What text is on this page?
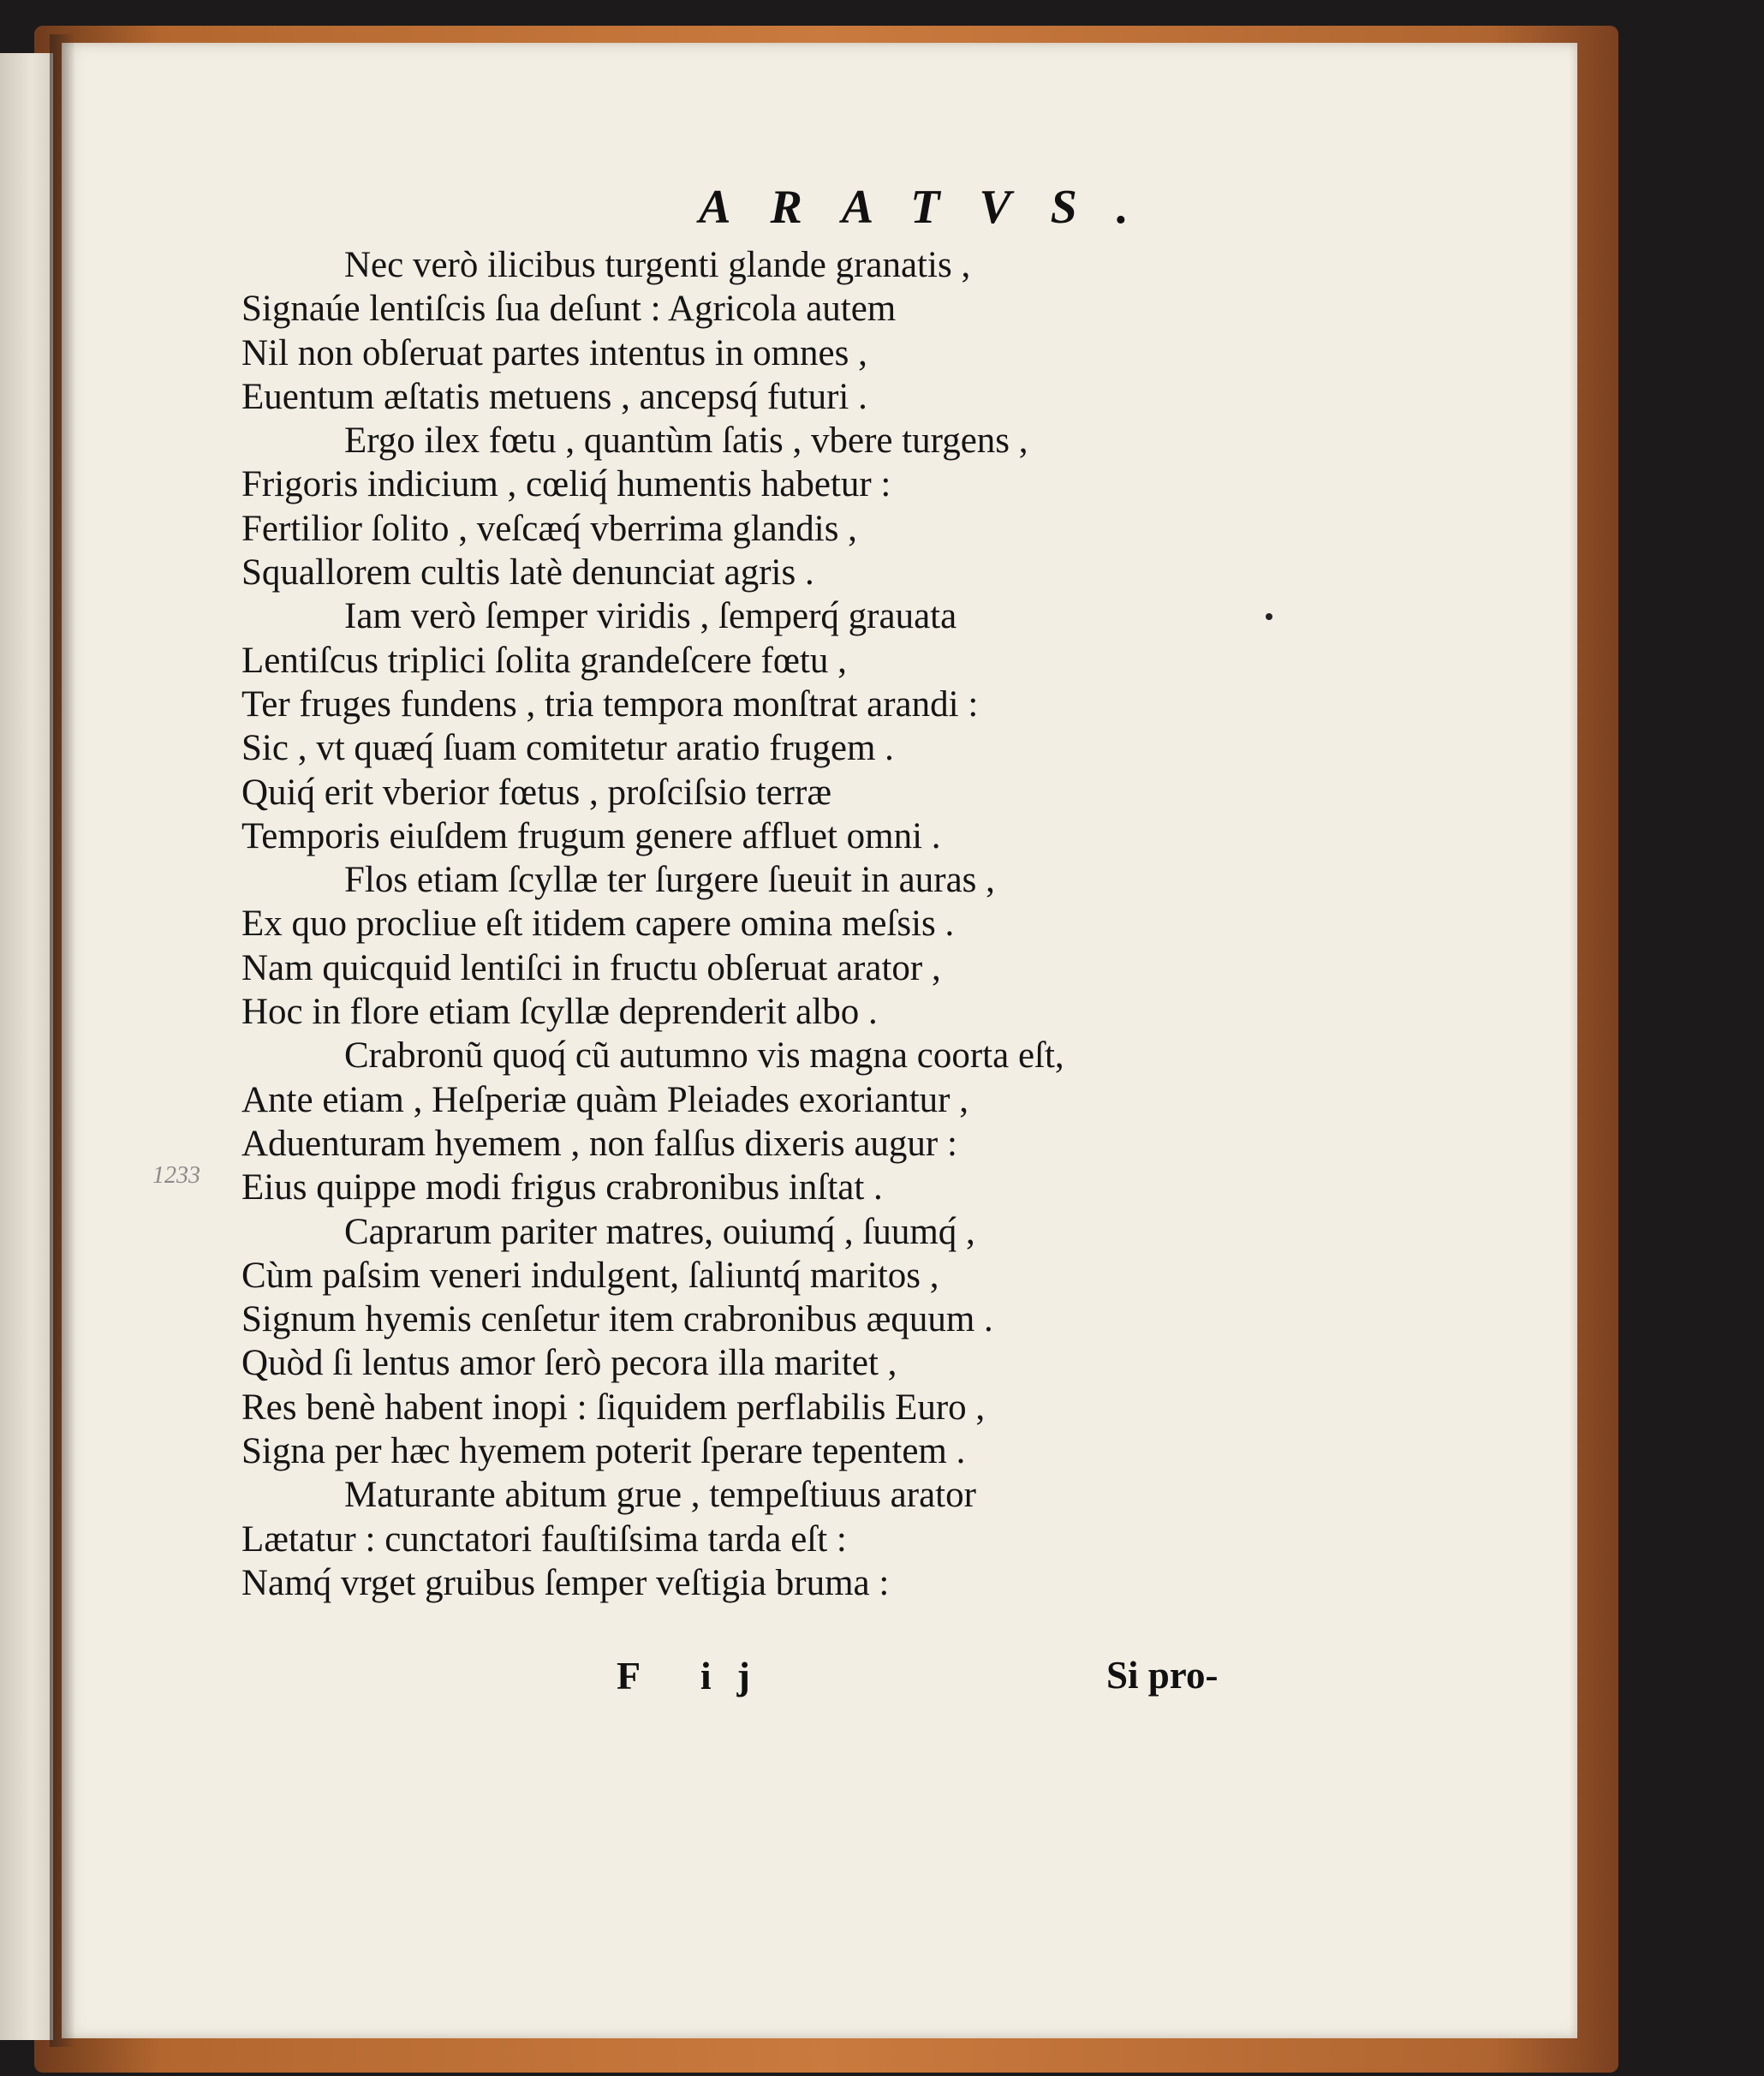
ARATVS.
Nec verò ilicibus turgenti glande granatis ,
Signaúe lentiſcis ſua deſunt : Agricola autem
Nil non obſeruat partes intentus in omnes ,
Euentum æſtatis metuens , ancepsq́ futuri .
Ergo ilex fœtu , quantùm ſatis , vbere turgens ,
Frigoris indicium , cœliq́ humentis habetur :
Fertilior ſolito , veſcæq́ vberrima glandis ,
Squallorem cultis latè denunciat agris .
Iam verò ſemper viridis , ſemperq́ grauata
Lentiſcus triplici ſolita grandeſcere fœtu ,
Ter fruges fundens , tria tempora monſtrat arandi :
Sic , vt quæq́ ſuam comitetur aratio frugem .
Quiq́ erit vberior fœtus , proſciſsio terræ
Temporis eiuſdem frugum genere affluet omni .
Flos etiam ſcyllæ ter ſurgere ſueuit in auras ,
Ex quo procliue eſt itidem capere omina meſsis .
Nam quicquid lentiſci in fructu obſeruat arator ,
Hoc in flore etiam ſcyllæ deprenderit albo .
Crabronũ quoq́ cũ autumno vis magna coorta eſt,
Ante etiam , Heſperiæ quàm Pleiades exoriantur ,
Aduenturam hyemem , non falſus dixeris augur :
Eius quippe modi frigus crabronibus inſtat .
Caprarum pariter matres, ouiumq́ , ſuumq́ ,
Cùm paſsim veneri indulgent, ſaliuntq́ maritos ,
Signum hyemis cenſetur item crabronibus æquum .
Quòd ſi lentus amor ſerò pecora illa maritet ,
Res benè habent inopi : ſiquidem perflabilis Euro ,
Signa per hæc hyemem poterit ſperare tepentem .
Maturante abitum grue , tempeſtiuus arator
Lætatur : cunctatori fauſtiſsima tarda eſt :
Namq́ vrget gruibus ſemper veſtigia bruma :
1233
F ij	Si pro-
